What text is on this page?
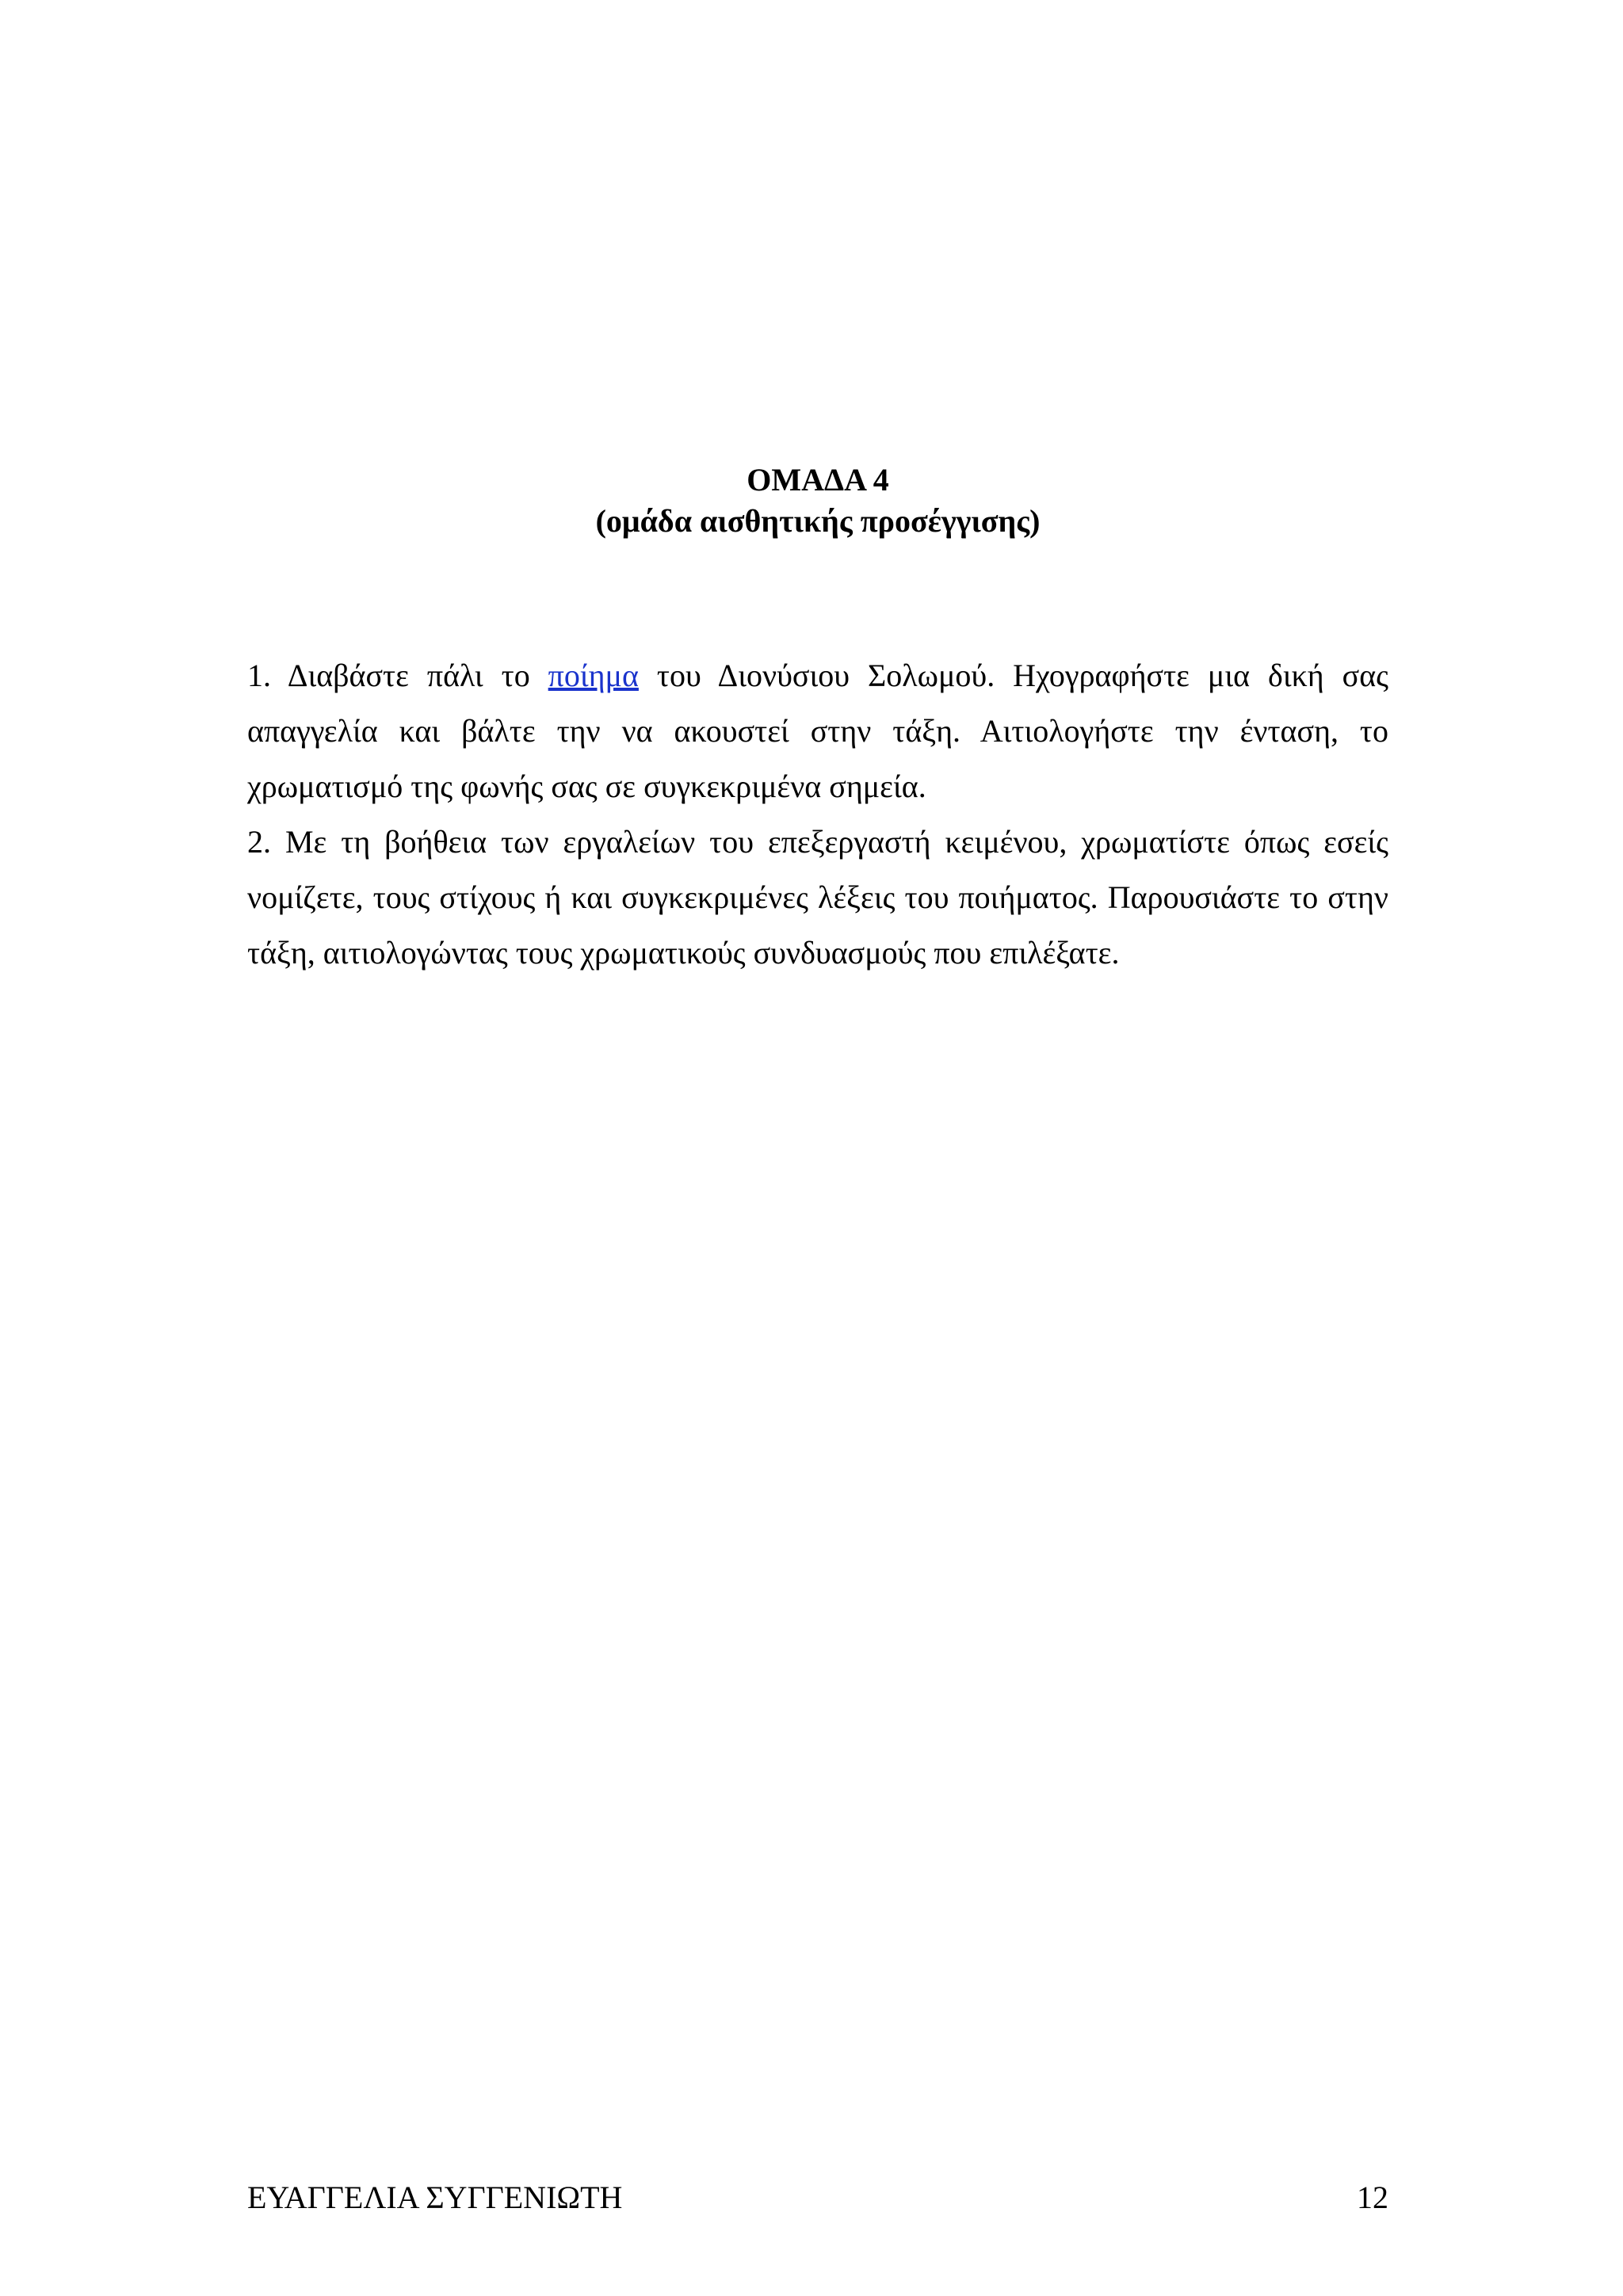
ΟΜΑΔΑ 4
(ομάδα αισθητικής προσέγγισης)

1. Διαβάστε πάλι το ποίημα του Διονύσιου Σολωμού. Ηχογραφήστε μια δική σας απαγγελία και βάλτε την να ακουστεί στην τάξη. Αιτιολογήστε την ένταση, το χρωματισμό της φωνής σας σε συγκεκριμένα σημεία.

2. Με τη βοήθεια των εργαλείων του επεξεργαστή κειμένου, χρωματίστε όπως εσείς νομίζετε, τους στίχους ή και συγκεκριμένες λέξεις του ποιήματος. Παρουσιάστε το στην τάξη, αιτιολογώντας τους χρωματικούς συνδυασμούς που επιλέξατε.

ΕΥΑΓΓΕΛΙΑ ΣΥΓΓΕΝΙΩΤΗ	12
